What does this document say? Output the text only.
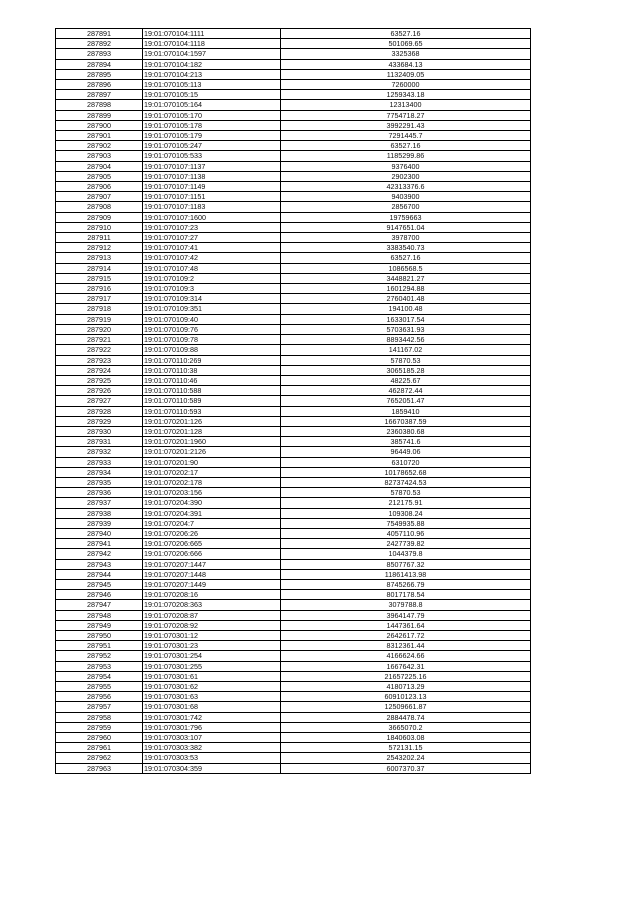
287891	19:01:070104:1111	63527.16
287892	19:01:070104:1118	501069.65
287893	19:01:070104:1597	3325368
287894	19:01:070104:182	433684.13
287895	19:01:070104:213	1132409.05
287896	19:01:070105:113	7260000
287897	19:01:070105:15	1259343.18
287898	19:01:070105:164	12313400
287899	19:01:070105:170	7754718.27
287900	19:01:070105:178	3992291.43
287901	19:01:070105:179	7291445.7
287902	19:01:070105:247	63527.16
287903	19:01:070105:533	1185299.86
287904	19:01:070107:1137	9376400
287905	19:01:070107:1138	2902300
287906	19:01:070107:1149	42313376.6
287907	19:01:070107:1151	9403900
287908	19:01:070107:1183	2856700
287909	19:01:070107:1600	19759663
287910	19:01:070107:23	9147651.04
287911	19:01:070107:27	3978700
287912	19:01:070107:41	3383540.73
287913	19:01:070107:42	63527.16
287914	19:01:070107:48	1086568.5
287915	19:01:070109:2	3448821.27
287916	19:01:070109:3	1601294.88
287917	19:01:070109:314	2760401.48
287918	19:01:070109:351	194100.48
287919	19:01:070109:40	1633017.54
287920	19:01:070109:76	5703631.93
287921	19:01:070109:78	8893442.56
287922	19:01:070109:88	141167.02
287923	19:01:070110:269	57870.53
287924	19:01:070110:38	3065185.28
287925	19:01:070110:46	48225.67
287926	19:01:070110:588	462872.44
287927	19:01:070110:589	7652051.47
287928	19:01:070110:593	1859410
287929	19:01:070201:126	16670387.59
287930	19:01:070201:128	2360380.68
287931	19:01:070201:1960	385741.6
287932	19:01:070201:2126	96449.06
287933	19:01:070201:90	6310720
287934	19:01:070202:17	10178652.68
287935	19:01:070202:178	82737424.53
287936	19:01:070203:156	57870.53
287937	19:01:070204:390	212175.91
287938	19:01:070204:391	109308.24
287939	19:01:070204:7	7549935.88
287940	19:01:070206:26	4057110.96
287941	19:01:070206:665	2427739.82
287942	19:01:070206:666	1044379.8
287943	19:01:070207:1447	8507767.32
287944	19:01:070207:1448	11861413.98
287945	19:01:070207:1449	8745266.79
287946	19:01:070208:16	8017178.54
287947	19:01:070208:363	3079788.8
287948	19:01:070208:87	3964147.79
287949	19:01:070208:92	1447361.64
287950	19:01:070301:12	2642617.72
287951	19:01:070301:23	8312361.44
287952	19:01:070301:254	4166624.66
287953	19:01:070301:255	1667642.31
287954	19:01:070301:61	21657225.16
287955	19:01:070301:62	4180713.29
287956	19:01:070301:63	60910123.13
287957	19:01:070301:68	12509661.87
287958	19:01:070301:742	2884478.74
287959	19:01:070301:796	3665070.2
287960	19:01:070303:107	1840603.08
287961	19:01:070303:382	572131.15
287962	19:01:070303:53	2543202.24
287963	19:01:070304:359	6007370.37
